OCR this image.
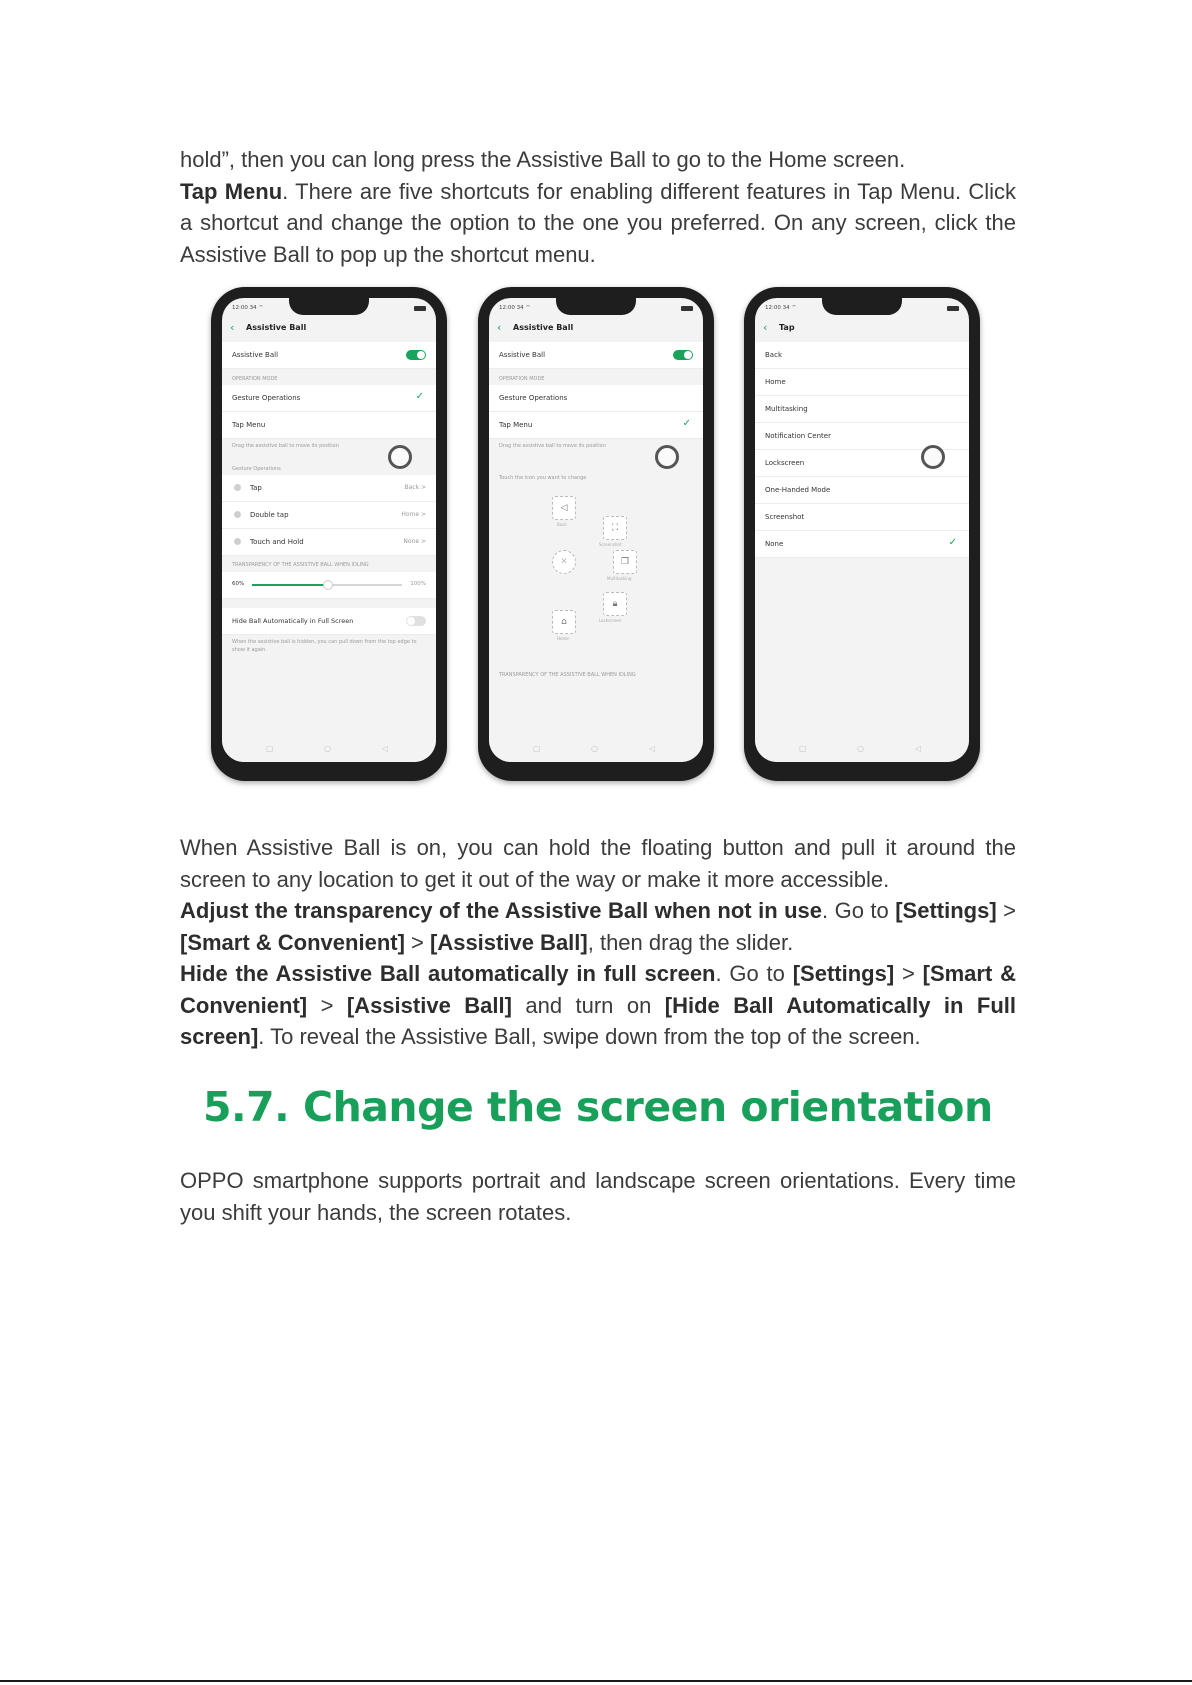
hold”, then you can long press the Assistive Ball to go to the Home screen.
Tap Menu. There are five shortcuts for enabling different features in Tap Menu. Click a shortcut and change the option to the one you preferred. On any screen, click the Assistive Ball to pop up the shortcut menu.
12:00 34 ⌔
‹ Assistive Ball
Assistive Ball
OPERATION MODE
Gesture Operations	✓
Tap Menu
Drag the assistive ball to move its position
Gesture Operations
Tap	Back >
Double tap	Home >
Touch and Hold	None >
TRANSPARENCY OF THE ASSISTIVE BALL WHEN IDLING
60%	100%
Hide Ball Automatically in Full Screen
When the assistive ball is hidden, you can pull down from the top edge to show it again.
▢	○	◁
12:00 34 ⌔
‹ Assistive Ball
Assistive Ball
OPERATION MODE
Gesture Operations
Tap Menu	✓
Drag the assistive ball to move its position
Touch the icon you want to change
◁
Back	⛶
Screenshot
✕	❐
Multitasking
🔒︎
Lockscreen
⌂
Home
TRANSPARENCY OF THE ASSISTIVE BALL WHEN IDLING
▢	○	◁
12:00 34 ⌔
‹ Tap
Back
Home
Multitasking
Notification Center
Lockscreen
One-Handed Mode
Screenshot
None	✓
▢	○	◁
When Assistive Ball is on, you can hold the floating button and pull it around the screen to any location to get it out of the way or make it more accessible.
Adjust the transparency of the Assistive Ball when not in use. Go to [Settings] > [Smart & Convenient] > [Assistive Ball], then drag the slider.
Hide the Assistive Ball automatically in full screen. Go to [Settings] > [Smart & Convenient] > [Assistive Ball] and turn on [Hide Ball Automatically in Full screen]. To reveal the Assistive Ball, swipe down from the top of the screen.
5.7. Change the screen orientation
OPPO smartphone supports portrait and landscape screen orientations. Every time you shift your hands, the screen rotates.
